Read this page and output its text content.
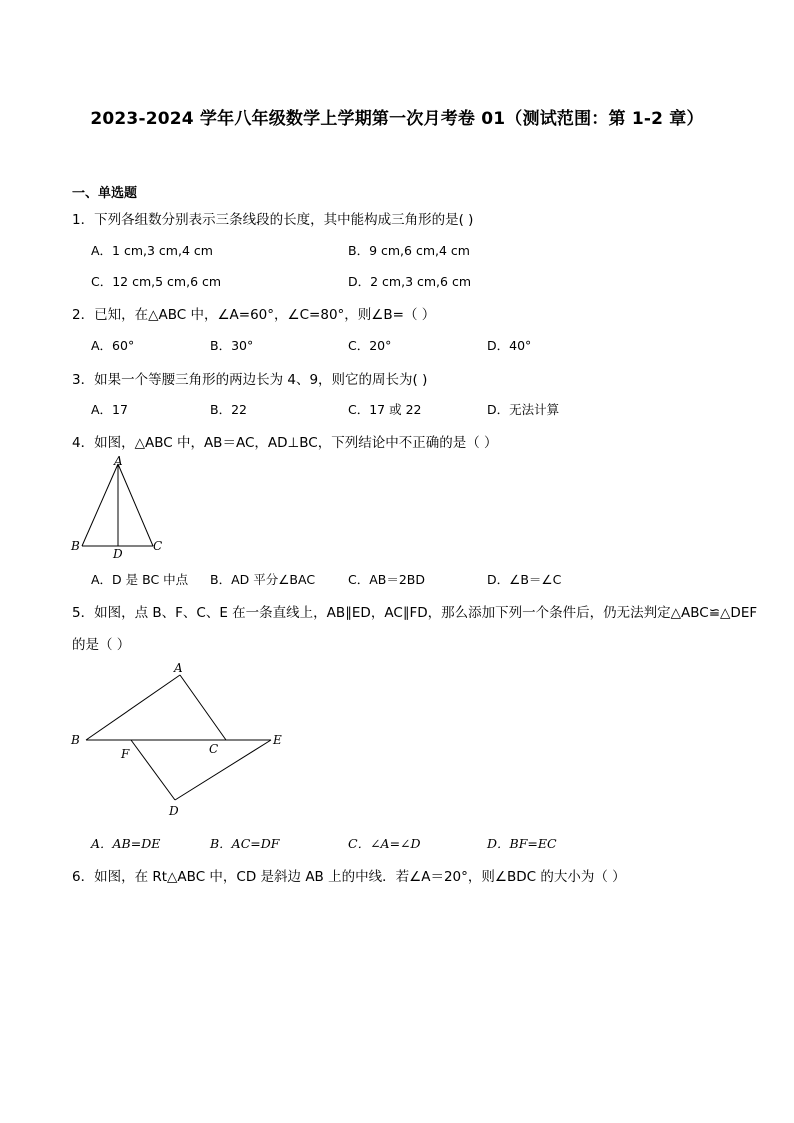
2023-2024 学年八年级数学上学期第一次月考卷 01（测试范围：第 1-2 章）
一、单选题
1．下列各组数分别表示三条线段的长度，其中能构成三角形的是( )
A．1 cm,3 cm,4 cm	B．9 cm,6 cm,4 cm
C．12 cm,5 cm,6 cm	D．2 cm,3 cm,6 cm
2．已知，在△ABC 中，∠A=60°，∠C=80°，则∠B=（ ）
A．60°	B．30°	C．20°	D．40°
3．如果一个等腰三角形的两边长为 4、9，则它的周长为( )
A．17	B．22	C．17 或 22	D．无法计算
4．如图，△ABC 中，AB＝AC，AD⊥BC，下列结论中不正确的是（ ）
A
B
D
C
A．D 是 BC 中点 B．AD 平分∠BAC	C．AB＝2BD	D．∠B＝∠C
5．如图，点 B、F、C、E 在一条直线上，AB∥ED，AC∥FD，那么添加下列一个条件后，仍无法判定△ABC≌△DEF
的是（ ）
A
B
F	C
E
D
A．AB=DE	B．AC=DF	C．∠A=∠D	D．BF=EC
6．如图，在 Rt△ABC 中，CD 是斜边 AB 上的中线．若∠A＝20°，则∠BDC 的大小为（ ）
